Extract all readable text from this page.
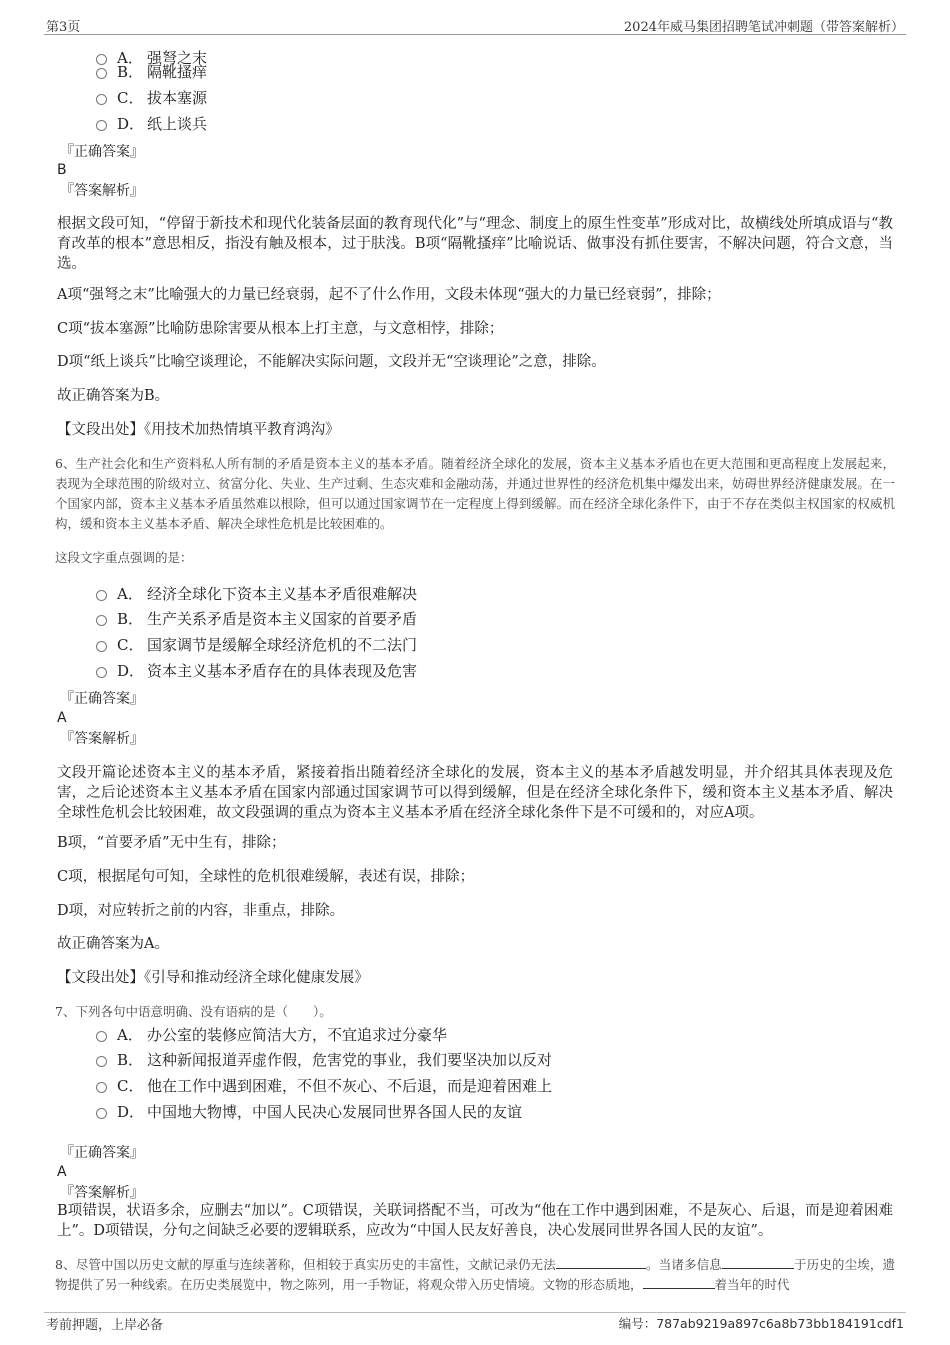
第3页	2024年威马集团招聘笔试冲刺题（带答案解析）
A． 强弩之末
B． 隔靴搔痒
C． 拔本塞源
D． 纸上谈兵
『正确答案』
B
『答案解析』
根据文段可知，“停留于新技术和现代化装备层面的教育现代化”与“理念、制度上的原生性变革”形成对比，故横线处所填成语与“教育改革的根本”意思相反，指没有触及根本，过于肤浅。B项“隔靴搔痒”比喻说话、做事没有抓住要害，不解决问题，符合文意，当选。
A项“强弩之末”比喻强大的力量已经衰弱，起不了什么作用，文段未体现“强大的力量已经衰弱”，排除；
C项“拔本塞源”比喻防患除害要从根本上打主意，与文意相悖，排除；
D项“纸上谈兵”比喻空谈理论，不能解决实际问题，文段并无“空谈理论”之意，排除。
故正确答案为B。
【文段出处】《用技术加热情填平教育鸿沟》
6、生产社会化和生产资料私人所有制的矛盾是资本主义的基本矛盾。随着经济全球化的发展，资本主义基本矛盾也在更大范围和更高程度上发展起来，表现为全球范围的阶级对立、贫富分化、失业、生产过剩、生态灾难和金融动荡，并通过世界性的经济危机集中爆发出来，妨碍世界经济健康发展。在一个国家内部，资本主义基本矛盾虽然难以根除，但可以通过国家调节在一定程度上得到缓解。而在经济全球化条件下，由于不存在类似主权国家的权威机构，缓和资本主义基本矛盾、解决全球性危机是比较困难的。
这段文字重点强调的是：
A． 经济全球化下资本主义基本矛盾很难解决
B． 生产关系矛盾是资本主义国家的首要矛盾
C． 国家调节是缓解全球经济危机的不二法门
D． 资本主义基本矛盾存在的具体表现及危害
『正确答案』
A
『答案解析』
文段开篇论述资本主义的基本矛盾，紧接着指出随着经济全球化的发展，资本主义的基本矛盾越发明显，并介绍其具体表现及危害，之后论述资本主义基本矛盾在国家内部通过国家调节可以得到缓解，但是在经济全球化条件下，缓和资本主义基本矛盾、解决全球性危机会比较困难，故文段强调的重点为资本主义基本矛盾在经济全球化条件下是不可缓和的，对应A项。
B项，“首要矛盾”无中生有，排除；
C项，根据尾句可知，全球性的危机很难缓解，表述有误，排除；
D项，对应转折之前的内容，非重点，排除。
故正确答案为A。
【文段出处】《引导和推动经济全球化健康发展》
7、下列各句中语意明确、没有语病的是（　　）。
A． 办公室的装修应简洁大方，不宜追求过分豪华
B． 这种新闻报道弄虚作假，危害党的事业，我们要坚决加以反对
C． 他在工作中遇到困难，不但不灰心、不后退，而是迎着困难上
D． 中国地大物博，中国人民决心发展同世界各国人民的友谊
『正确答案』
A
『答案解析』
B项错误，状语多余，应删去“加以”。C项错误，关联词搭配不当，可改为“他在工作中遇到困难，不是灰心、后退，而是迎着困难上”。D项错误，分句之间缺乏必要的逻辑联系，应改为“中国人民友好善良，决心发展同世界各国人民的友谊”。
8、尽管中国以历史文献的厚重与连续著称，但相较于真实历史的丰富性，文献记录仍无法	。当诸多信息	于历史的尘埃，遗物提供了另一种线索。在历史类展览中，物之陈列，用一手物证，将观众带入历史情境。文物的形态质地，	着当年的时代
考前押题，上岸必备	编号：787ab9219a897c6a8b73bb184191cdf1
